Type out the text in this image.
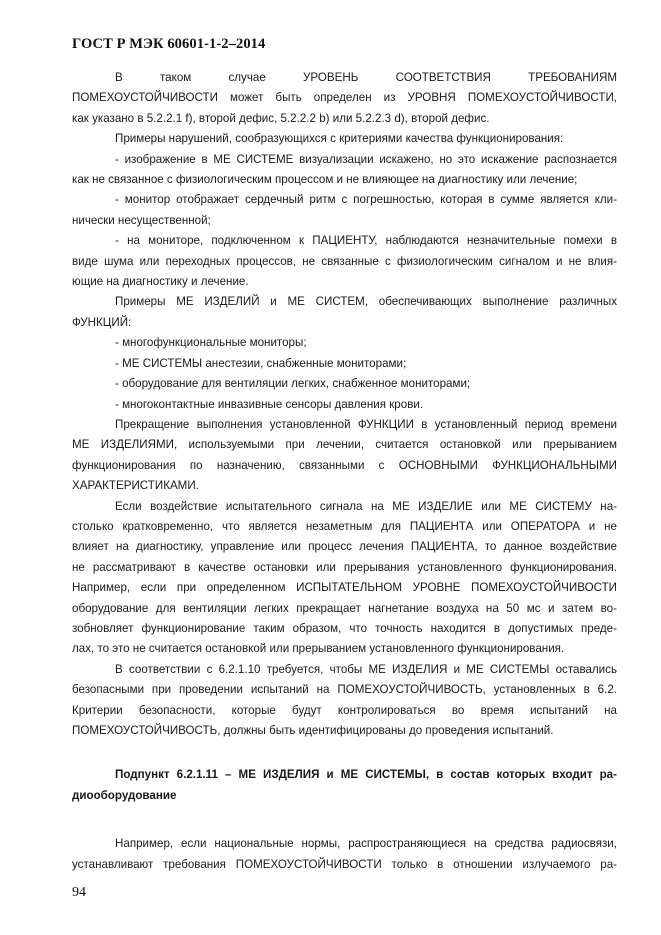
ГОСТ Р МЭК 60601-1-2–2014
В таком случае УРОВЕНЬ СООТВЕТСТВИЯ ТРЕБОВАНИЯМ
ПОМЕХОУСТОЙЧИВОСТИ может быть определен из УРОВНЯ ПОМЕХОУСТОЙЧИВОСТИ,
как указано в 5.2.2.1 f), второй дефис, 5.2.2.2 b) или 5.2.2.3 d), второй дефис.
Примеры нарушений, сообразующихся с критериями качества функционирования:
- изображение в МЕ СИСТЕМЕ визуализации искажено, но это искажение распознается
как не связанное с физиологическим процессом и не влияющее на диагностику или лечение;
- монитор отображает сердечный ритм с погрешностью, которая в сумме является кли-
нически несущественной;
- на мониторе, подключенном к ПАЦИЕНТУ, наблюдаются незначительные помехи в
виде шума или переходных процессов, не связанные с физиологическим сигналом и не влия-
ющие на диагностику и лечение.
Примеры МЕ ИЗДЕЛИЙ и МЕ СИСТЕМ, обеспечивающих выполнение различных
ФУНКЦИЙ:
- многофункциональные мониторы;
- МЕ СИСТЕМЫ анестезии, снабженные мониторами;
- оборудование для вентиляции легких, снабженное мониторами;
- многоконтактные инвазивные сенсоры давления крови.
Прекращение выполнения установленной ФУНКЦИИ в установленный период времени
МЕ ИЗДЕЛИЯМИ, используемыми при лечении, считается остановкой или прерыванием
функционирования по назначению, связанными с ОСНОВНЫМИ ФУНКЦИОНАЛЬНЫМИ
ХАРАКТЕРИСТИКАМИ.
Если воздействие испытательного сигнала на МЕ ИЗДЕЛИЕ или МЕ СИСТЕМУ на-
столько кратковременно, что является незаметным для ПАЦИЕНТА или ОПЕРАТОРА и не
влияет на диагностику, управление или процесс лечения ПАЦИЕНТА, то данное воздействие
не рассматривают в качестве остановки или прерывания установленного функционирования.
Например, если при определенном ИСПЫТАТЕЛЬНОМ УРОВНЕ ПОМЕХОУСТОЙЧИВОСТИ
оборудование для вентиляции легких прекращает нагнетание воздуха на 50 мс и затем во-
зобновляет функционирование таким образом, что точность находится в допустимых преде-
лах, то это не считается остановкой или прерыванием установленного функционирования.
В соответствии с 6.2.1.10 требуется, чтобы МЕ ИЗДЕЛИЯ и МЕ СИСТЕМЫ оставались
безопасными при проведении испытаний на ПОМЕХОУСТОЙЧИВОСТЬ, установленных в 6.2.
Критерии безопасности, которые будут контролироваться во время испытаний на
ПОМЕХОУСТОЙЧИВОСТЬ, должны быть идентифицированы до проведения испытаний.
Подпункт 6.2.1.11 – МЕ ИЗДЕЛИЯ и МЕ СИСТЕМЫ, в состав которых входит ра-
диооборудование
Например, если национальные нормы, распространяющиеся на средства радиосвязи,
устанавливают требования ПОМЕХОУСТОЙЧИВОСТИ только в отношении излучаемого ра-
94
